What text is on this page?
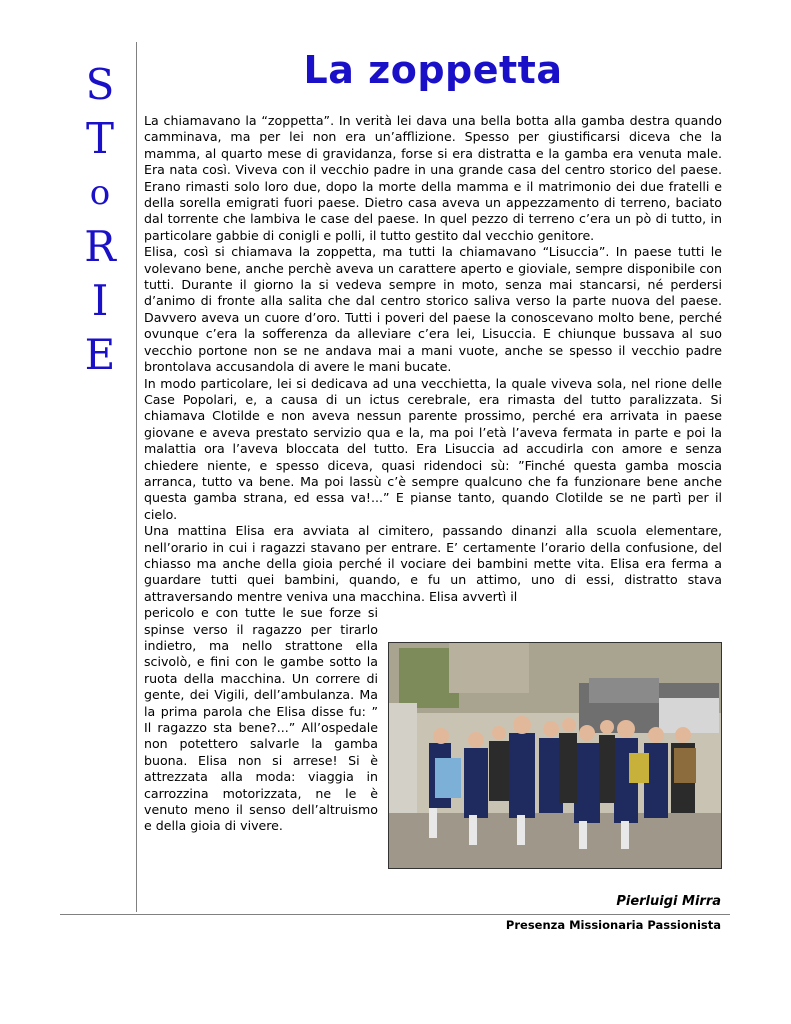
S
T
o
R
I
E
La zoppetta

La chiamavano la “zoppetta”. In verità lei dava una bella botta alla gamba destra quando camminava, ma per lei non era un’afflizione. Spesso per giustificarsi diceva che la mamma, al quarto mese di gravidanza, forse si era distratta e la gamba era venuta male. Era nata così. Viveva con il vecchio padre in una grande casa del centro storico del paese. Erano rimasti solo loro due, dopo la morte della mamma e il matrimonio dei due fratelli e della sorella emigrati fuori paese. Dietro casa aveva un appezzamento di terreno, baciato dal torrente che lambiva le case del paese. In quel pezzo di terreno c’era un pò di tutto, in particolare gabbie di conigli e polli, il tutto gestito dal vecchio genitore.

Elisa, così si chiamava la zoppetta, ma tutti la chiamavano “Lisuccia”. In paese tutti le volevano bene, anche perchè aveva un carattere aperto e gioviale, sempre disponibile con tutti. Durante il giorno la si vedeva sempre in moto, senza mai stancarsi, né perdersi d’animo di fronte alla salita che dal centro storico saliva verso la parte nuova del paese. Davvero aveva un cuore d’oro. Tutti i poveri del paese la conoscevano molto bene, perché ovunque c’era la sofferenza da alleviare c’era lei, Lisuccia. E chiunque bussava al suo vecchio portone non se ne andava mai a mani vuote, anche se spesso il vecchio padre brontolava accusandola di avere le mani bucate.

In modo particolare, lei si dedicava ad una vecchietta, la quale viveva sola, nel rione delle Case Popolari, e, a causa di un ictus cerebrale, era rimasta del tutto paralizzata. Si chiamava Clotilde e non aveva nessun parente prossimo, perché era arrivata in paese giovane e aveva prestato servizio qua e la, ma poi l’età l’aveva fermata in parte e poi la malattia ora l’aveva bloccata del tutto. Era Lisuccia ad accudirla con amore e senza chiedere niente, e spesso diceva, quasi ridendoci sù: ”Finché questa gamba moscia arranca, tutto va bene. Ma poi lassù c’è sempre qualcuno che fa funzionare bene anche questa gamba strana, ed essa va!...” E pianse tanto, quando Clotilde se ne partì per il cielo.

Una mattina Elisa era avviata al cimitero, passando dinanzi alla scuola elementare, nell’orario in cui i ragazzi stavano per entrare. E’ certamente l’orario della confusione, del chiasso ma anche della gioia perché il vociare dei bambini mette vita. Elisa era ferma a guardare tutti quei bambini, quando, e fu un attimo, uno di essi, distratto stava attraversando mentre veniva una macchina. Elisa avvertì il

pericolo e con tutte le sue forze si spinse verso il ragazzo per tirarlo indietro, ma nello strattone ella scivolò, e fini con le gambe sotto la ruota della macchina. Un correre di gente, dei Vigili, dell’ambulanza. Ma la prima parola che Elisa disse fu: ” Il ragazzo sta bene?...” All’ospedale non potettero salvarle la gamba buona. Elisa non si arrese! Si è attrezzata alla moda: viaggia in carrozzina motorizzata, ne le è venuto meno il senso dell’altruismo e della gioia di vivere.

Pierluigi Mirra
Presenza Missionaria Passionista
